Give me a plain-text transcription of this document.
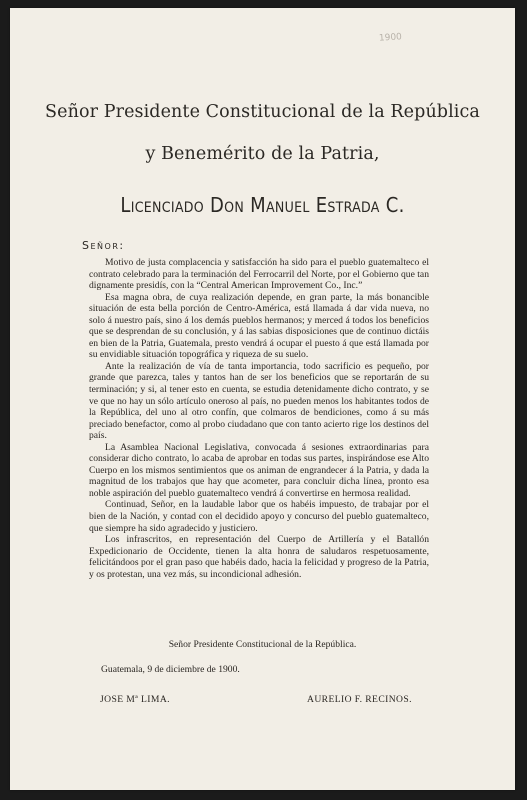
1900
Señor Presidente Constitucional de la República
y Benemérito de la Patria,
Licenciado Don Manuel Estrada C.
Señor:

Motivo de justa complacencia y satisfacción ha sido para el pueblo guatemalteco el contrato celebrado para la terminación del Ferrocarril del Norte, por el Gobierno que tan dignamente presidís, con la “Central American Improvement Co., Inc.”

Esa magna obra, de cuya realización depende, en gran parte, la más bonancible situación de esta bella porción de Centro-América, está llamada á dar vida nueva, no solo á nuestro país, sino á los demás pueblos hermanos; y merced á todos los beneficios que se desprendan de su conclusión, y á las sabias disposiciones que de continuo dictáis en bien de la Patria, Guatemala, presto vendrá á ocupar el puesto á que está llamada por su envidiable situación topográfica y riqueza de su suelo.

Ante la realización de vía de tanta importancia, todo sacrificio es pequeño, por grande que parezca, tales y tantos han de ser los beneficios que se reportarán de su terminación; y si, al tener esto en cuenta, se estudia detenidamente dicho contrato, y se ve que no hay un sólo artículo oneroso al país, no pueden menos los habitantes todos de la República, del uno al otro confín, que colmaros de bendiciones, como á su más preciado benefactor, como al probo ciudadano que con tanto acierto rige los destinos del país.

La Asamblea Nacional Legislativa, convocada á sesiones extraordinarias para considerar dicho contrato, lo acaba de aprobar en todas sus partes, inspirándose ese Alto Cuerpo en los mismos sentimientos que os animan de engrandecer á la Patria, y dada la magnitud de los trabajos que hay que acometer, para concluir dicha línea, pronto esa noble aspiración del pueblo guatemalteco vendrá á convertirse en hermosa realidad.

Continuad, Señor, en la laudable labor que os habéis impuesto, de trabajar por el bien de la Nación, y contad con el decidido apoyo y concurso del pueblo guatemalteco, que siempre ha sido agradecido y justiciero.

Los infrascritos, en representación del Cuerpo de Artillería y el Batallón Expedicionario de Occidente, tienen la alta honra de saludaros respetuosamente, felicitándoos por el gran paso que habéis dado, hacia la felicidad y progreso de la Patria, y os protestan, una vez más, su incondicional adhesión.

Señor Presidente Constitucional de la República.
Guatemala, 9 de diciembre de 1900.
JOSE Mª LIMA.	AURELIO F. RECINOS.
